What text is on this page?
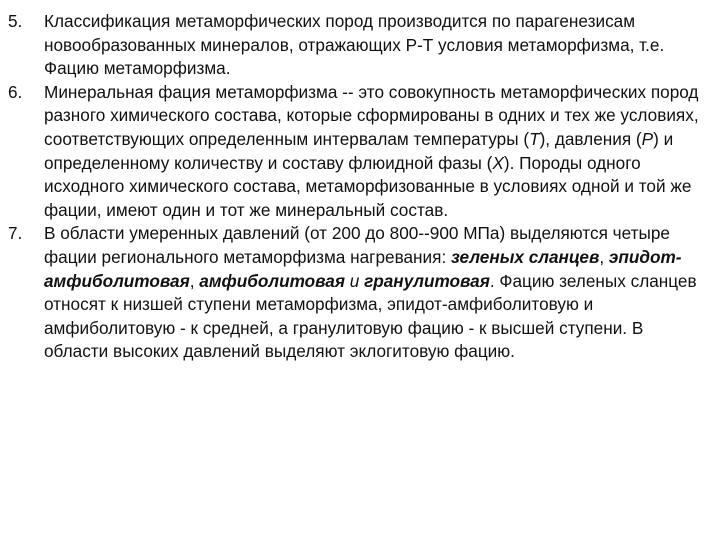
5. Классификация метаморфических пород производится по парагенезисам новообразованных минералов, отражающих Р-Т условия метаморфизма, т.е. Фацию метаморфизма.
6. Минеральная фация метаморфизма -- это совокупность метаморфических пород разного химического состава, которые сформированы в одних и тех же условиях, соответствующих определенным интервалам температуры (Т), давления (Р) и определенному количеству и составу флюидной фазы (Х). Породы одного исходного химического состава, метаморфизованные в условиях одной и той же фации, имеют один и тот же минеральный состав.
7. В области умеренных давлений (от 200 до 800--900 МПа) выделяются четыре фации регионального метаморфизма нагревания: зеленых сланцев, эпидот-амфиболитовая, амфиболитовая и гранулитовая. Фацию зеленых сланцев относят к низшей ступени метаморфизма, эпидот-амфиболитовую и амфиболитовую - к средней, а гранулитовую фацию - к высшей ступени. В области высоких давлений выделяют эклогитовую фацию.
